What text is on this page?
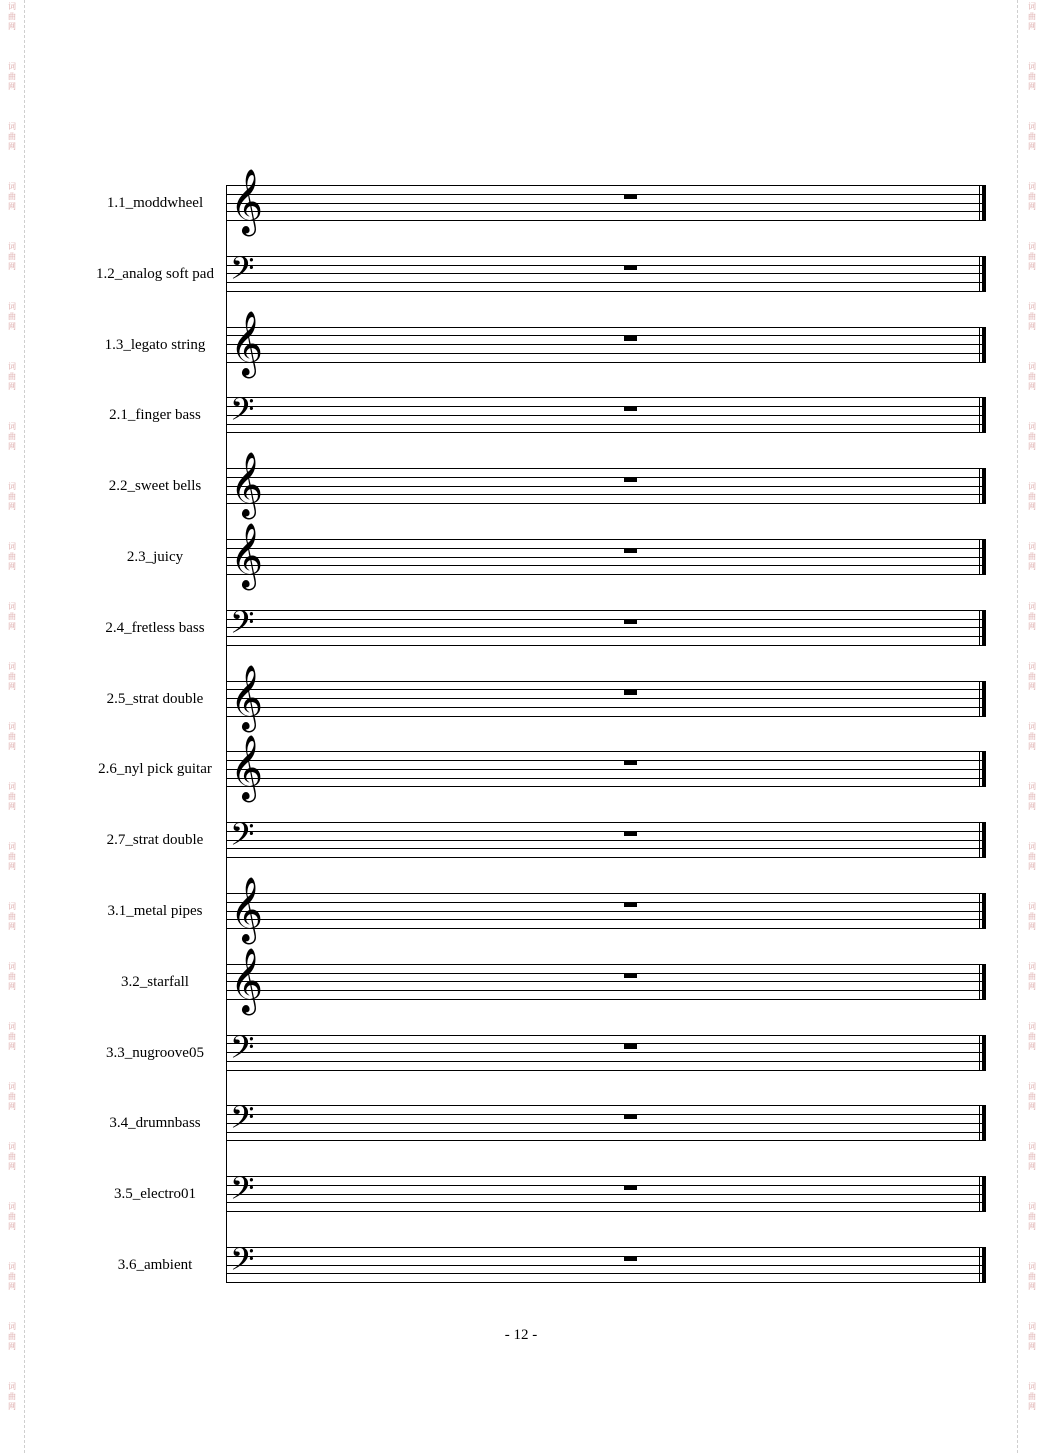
词
曲
网
词
曲
网
词
曲
网
词
曲
网
词
曲
网
词
曲
网
词
曲
网
词
曲
网
词
曲
网
词
曲
网
词
曲
网
词
曲
网
词
曲
网
词
曲
网
词
曲
网
词
曲
网
词
曲
网
词
曲
网
词
曲
网
词
曲
网
词
曲
网
词
曲
网
词
曲
网
词
曲
网
词
曲
网
词
曲
网
词
曲
网
词
曲
网
词
曲
网
词
曲
网
词
曲
网
词
曲
网
词
曲
网
词
曲
网
词
曲
网
词
曲
网
词
曲
网
词
曲
网
词
曲
网
词
曲
网
词
曲
网
词
曲
网
词
曲
网
词
曲
网
词
曲
网
词
曲
网
词
曲
网
词
曲
网
1.1_moddwheel 𝄞
1.2_analog soft pad 𝄢
1.3_legato string 𝄞
2.1_finger bass 𝄢
2.2_sweet bells 𝄞
2.3_juicy 𝄞
2.4_fretless bass 𝄢
2.5_strat double 𝄞
2.6_nyl pick guitar 𝄞
2.7_strat double 𝄢
3.1_metal pipes 𝄞
3.2_starfall 𝄞
3.3_nugroove05 𝄢
3.4_drumnbass 𝄢
3.5_electro01 𝄢
3.6_ambient 𝄢
- 12 -
